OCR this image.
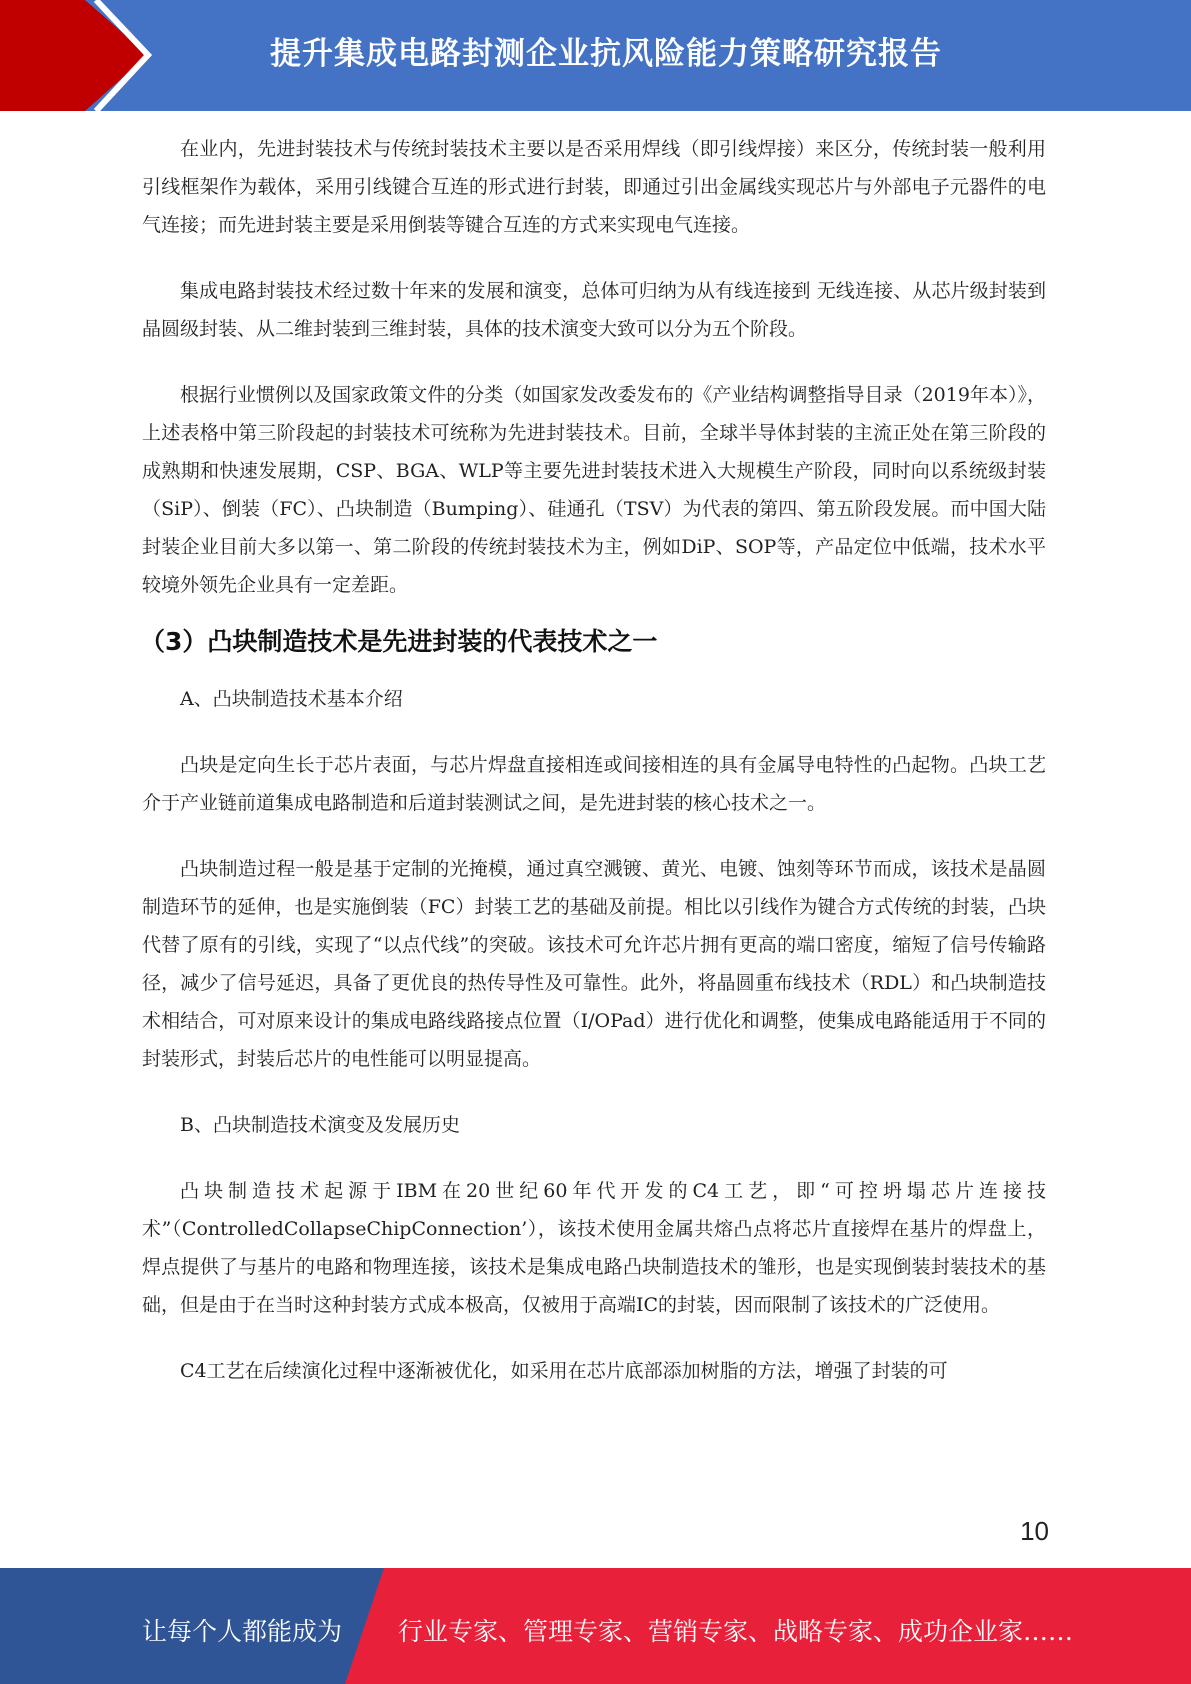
提升集成电路封测企业抗风险能力策略研究报告

在业内，先进封装技术与传统封装技术主要以是否采用焊线（即引线焊接）来区分，传统封装一般利用引线框架作为载体，采用引线键合互连的形式进行封装，即通过引出金属线实现芯片与外部电子元器件的电气连接；而先进封装主要是采用倒装等键合互连的方式来实现电气连接。

集成电路封装技术经过数十年来的发展和演变，总体可归纳为从有线连接到 无线连接、从芯片级封装到晶圆级封装、从二维封装到三维封装，具体的技术演变大致可以分为五个阶段。

根据行业惯例以及国家政策文件的分类（如国家发改委发布的《产业结构调整指导目录（2019年本）》，上述表格中第三阶段起的封装技术可统称为先进封装技术。目前，全球半导体封装的主流正处在第三阶段的成熟期和快速发展期，CSP、BGA、WLP等主要先进封装技术进入大规模生产阶段，同时向以系统级封装（SiP）、倒装（FC）、凸块制造（Bumping）、硅通孔（TSV）为代表的第四、第五阶段发展。而中国大陆封装企业目前大多以第一、第二阶段的传统封装技术为主，例如DiP、SOP等，产品定位中低端，技术水平较境外领先企业具有一定差距。

（3）凸块制造技术是先进封装的代表技术之一

A、凸块制造技术基本介绍

凸块是定向生长于芯片表面，与芯片焊盘直接相连或间接相连的具有金属导电特性的凸起物。凸块工艺介于产业链前道集成电路制造和后道封装测试之间，是先进封装的核心技术之一。

凸块制造过程一般是基于定制的光掩模，通过真空溅镀、黄光、电镀、蚀刻等环节而成，该技术是晶圆制造环节的延伸，也是实施倒装（FC）封装工艺的基础及前提。相比以引线作为键合方式传统的封装，凸块代替了原有的引线，实现了“以点代线”的突破。该技术可允许芯片拥有更高的端口密度，缩短了信号传输路径，减少了信号延迟，具备了更优良的热传导性及可靠性。此外，将晶圆重布线技术（RDL）和凸块制造技术相结合，可对原来设计的集成电路线路接点位置（I/OPad）进行优化和调整，使集成电路能适用于不同的封装形式，封装后芯片的电性能可以明显提高。

B、凸块制造技术演变及发展历史

凸块制造技术起源于IBM在20世纪60年代开发的C4工艺，即“可控坍塌芯片连接技术”（ControlledCollapseChipConnection’），该技术使用金属共熔凸点将芯片直接焊在基片的焊盘上，焊点提供了与基片的电路和物理连接，该技术是集成电路凸块制造技术的雏形，也是实现倒装封装技术的基础，但是由于在当时这种封装方式成本极高，仅被用于高端IC的封装，因而限制了该技术的广泛使用。

C4工艺在后续演化过程中逐渐被优化，如采用在芯片底部添加树脂的方法，增强了封装的可

10
让每个人都能成为 行业专家、管理专家、营销专家、战略专家、成功企业家……
